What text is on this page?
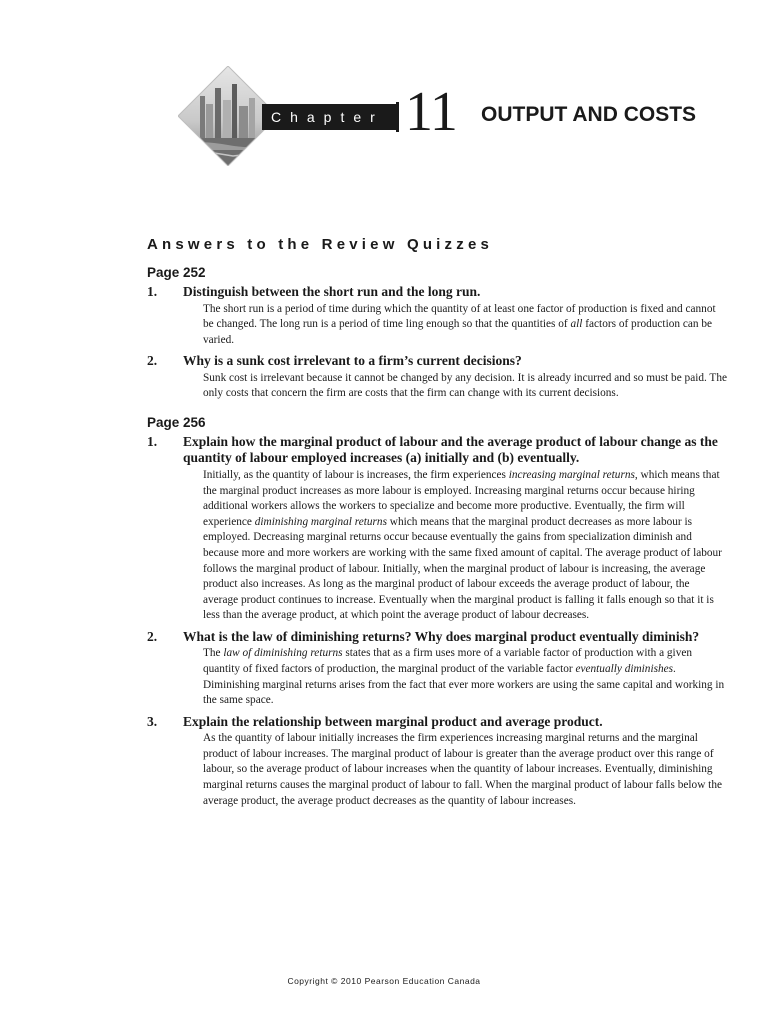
Chapter 11 OUTPUT AND COSTS
Answers to the Review Quizzes
Page 252
1.	Distinguish between the short run and the long run.
The short run is a period of time during which the quantity of at least one factor of production is fixed and cannot be changed. The long run is a period of time ling enough so that the quantities of all factors of production can be varied.
2.	Why is a sunk cost irrelevant to a firm’s current decisions?
Sunk cost is irrelevant because it cannot be changed by any decision. It is already incurred and so must be paid. The only costs that concern the firm are costs that the firm can change with its current decisions.
Page 256
1.	Explain how the marginal product of labour and the average product of labour change as the quantity of labour employed increases (a) initially and (b) eventually.
Initially, as the quantity of labour is increases, the firm experiences increasing marginal returns, which means that the marginal product increases as more labour is employed. Increasing marginal returns occur because hiring additional workers allows the workers to specialize and become more productive. Eventually, the firm will experience diminishing marginal returns which means that the marginal product decreases as more labour is employed. Decreasing marginal returns occur because eventually the gains from specialization diminish and because more and more workers are working with the same fixed amount of capital. The average product of labour follows the marginal product of labour. Initially, when the marginal product of labour is increasing, the average product also increases. As long as the marginal product of labour exceeds the average product of labour, the average product continues to increase. Eventually when the marginal product is falling it falls enough so that it is less than the average product, at which point the average product of labour decreases.
2.	What is the law of diminishing returns? Why does marginal product eventually diminish?
The law of diminishing returns states that as a firm uses more of a variable factor of production with a given quantity of fixed factors of production, the marginal product of the variable factor eventually diminishes. Diminishing marginal returns arises from the fact that ever more workers are using the same capital and working in the same space.
3.	Explain the relationship between marginal product and average product.
As the quantity of labour initially increases the firm experiences increasing marginal returns and the marginal product of labour increases. The marginal product of labour is greater than the average product over this range of labour, so the average product of labour increases when the quantity of labour increases. Eventually, diminishing marginal returns causes the marginal product of labour to fall. When the marginal product of labour falls below the average product, the average product decreases as the quantity of labour increases.
Copyright © 2010 Pearson Education Canada
